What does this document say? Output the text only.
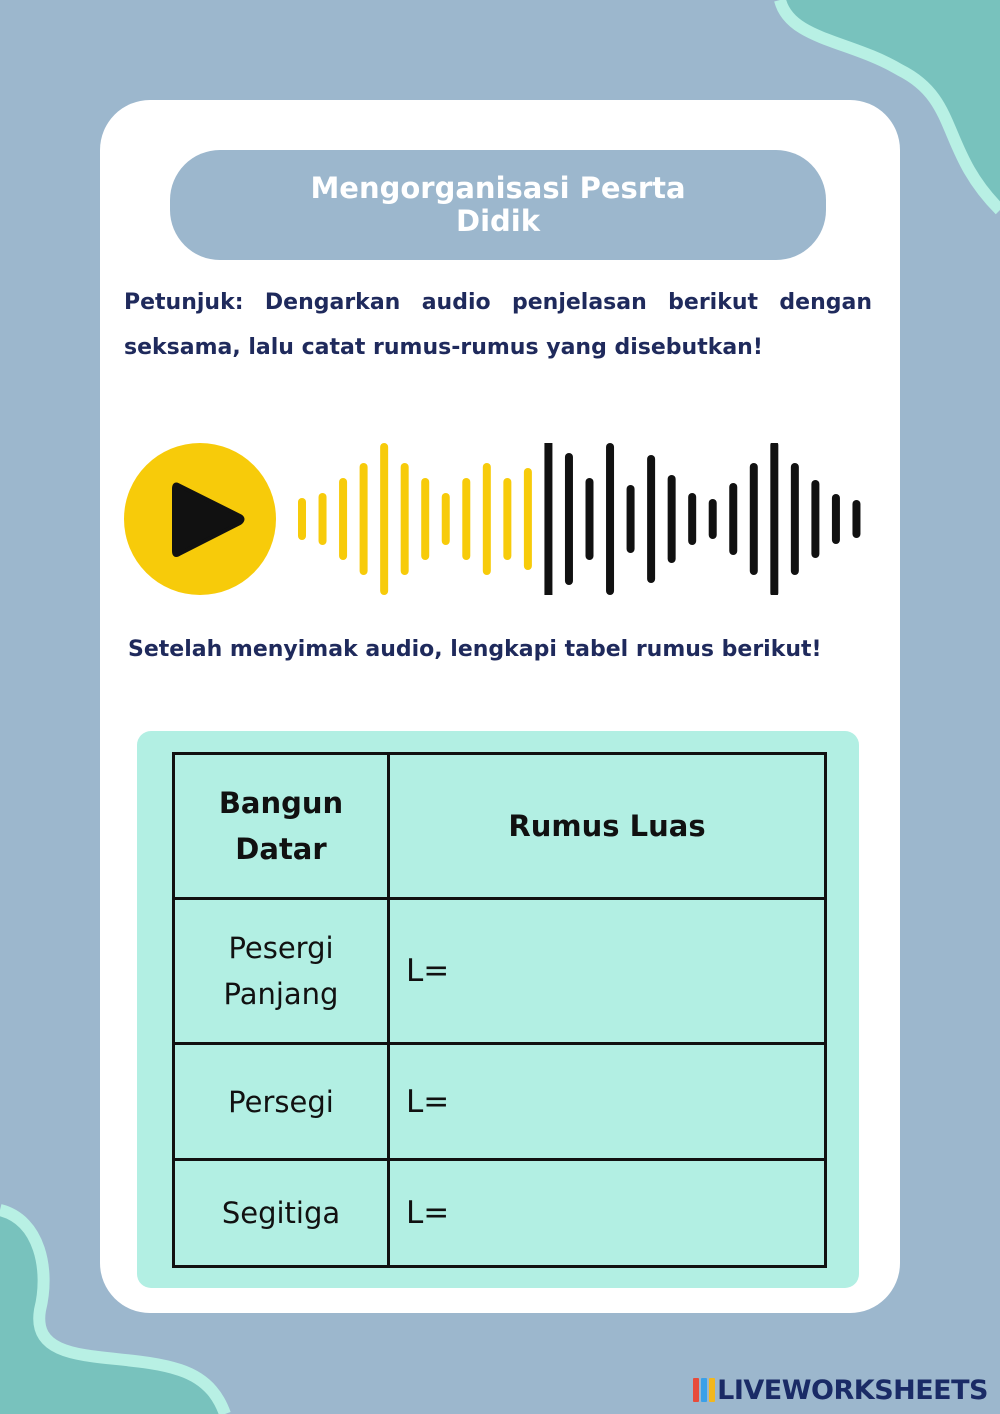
Mengorganisasi Pesrta Didik
Petunjuk: Dengarkan audio penjelasan berikut dengan seksama, lalu catat rumus-rumus yang disebutkan!
Setelah menyimak audio, lengkapi tabel rumus berikut!
Bangun Datar	Rumus Luas
Pesergi Panjang	L=
Persegi	L=
Segitiga	L=
LIVEWORKSHEETS
